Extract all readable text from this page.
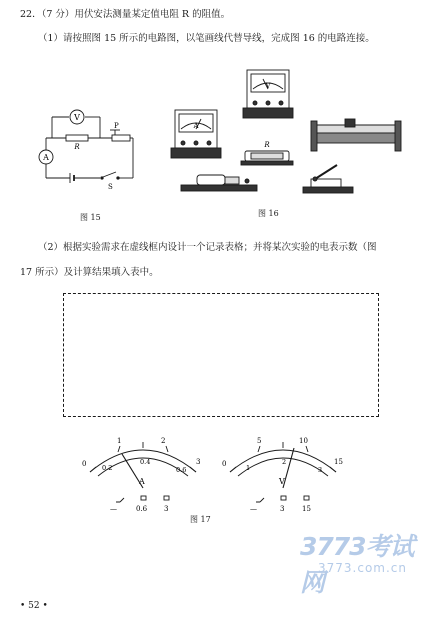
22．（7 分）用伏安法测量某定值电阻 R 的阻值。
（1）请按照图 15 所示的电路图，以笔画线代替导线，完成图 16 的电路连接。
V
A
R
P
S
图 15
V
A
R
图 16
（2）根据实验需求在虚线框内设计一个记录表格；并将某次实验的电表示数（图
17 所示）及计算结果填入表中。
0
1	2
3
0.2
0.4
0.6
A
—	0.6 3
0
5	10
15
1
2
3
V
—	3	15
图 17
3773考试网
3773.com.cn
• 52 •
